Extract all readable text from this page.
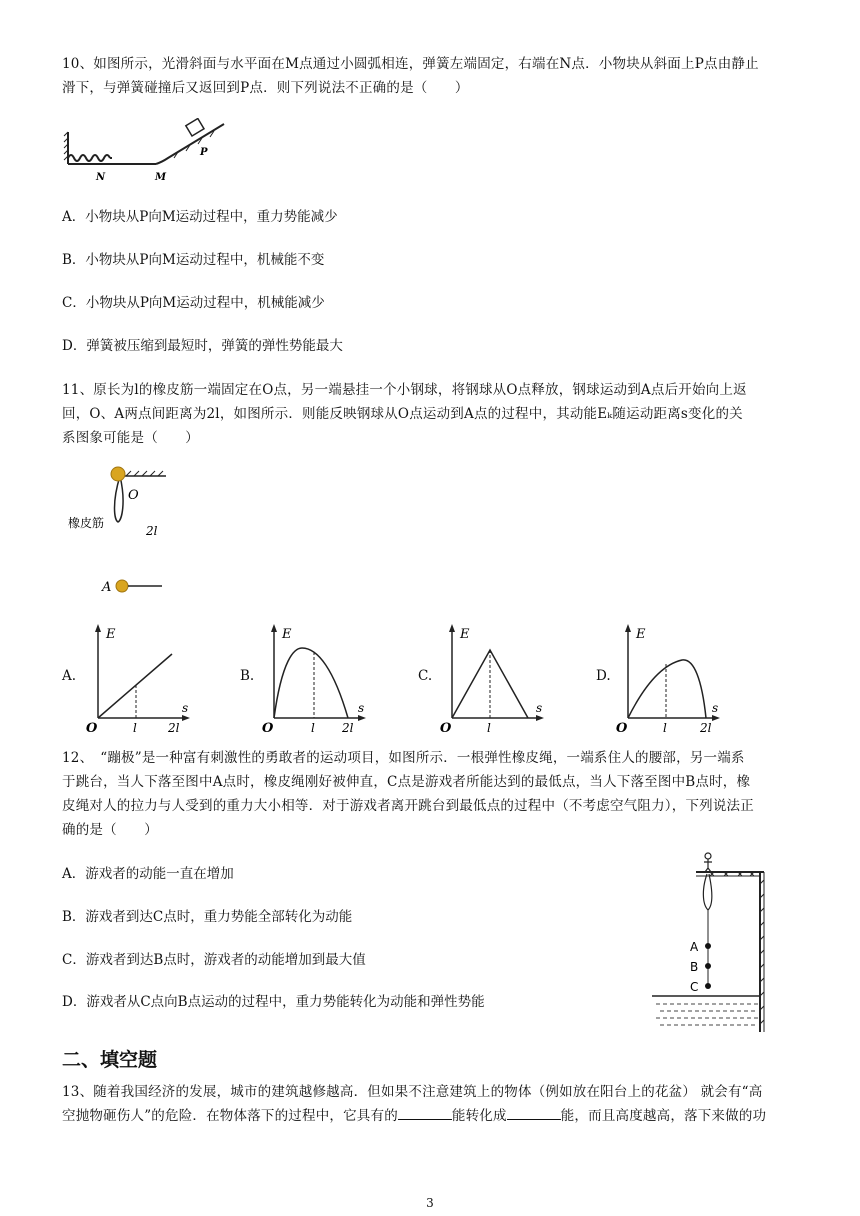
10、如图所示，光滑斜面与水平面在M点通过小圆弧相连，弹簧左端固定，右端在N点．小物块从斜面上P点由静止
滑下，与弹簧碰撞后又返回到P点．则下列说法不正确的是（　　）
N	M
P
A．小物块从P向M运动过程中，重力势能减少
B．小物块从P向M运动过程中，机械能不变
C．小物块从P向M运动过程中，机械能减少
D．弹簧被压缩到最短时，弹簧的弹性势能最大
11、原长为l的橡皮筋一端固定在O点，另一端悬挂一个小钢球，将钢球从O点释放，钢球运动到A点后开始向上返
回，O、A两点间距离为2l，如图所示．则能反映钢球从O点运动到A点的过程中，其动能Eₖ随运动距离s变化的关
系图象可能是（　　）
O
橡皮筋
2l
A
A.	B.	C.	D.
E
s
O	l	2l
E
s
O	l 2l
E
s
O	l
E
s
O	l	2l
12、　“蹦极”是一种富有刺激性的勇敢者的运动项目，如图所示．一根弹性橡皮绳，一端系住人的腰部，另一端系
于跳台，当人下落至图中A点时，橡皮绳刚好被伸直，C点是游戏者所能达到的最低点，当人下落至图中B点时，橡
皮绳对人的拉力与人受到的重力大小相等．对于游戏者离开跳台到最低点的过程中（不考虑空气阻力），下列说法正
确的是（　　）
A．游戏者的动能一直在增加
B．游戏者到达C点时，重力势能全部转化为动能
C．游戏者到达B点时，游戏者的动能增加到最大值
D．游戏者从C点向B点运动的过程中，重力势能转化为动能和弹性势能
A
B
C
二、填空题
13、随着我国经济的发展，城市的建筑越修越高．但如果不注意建筑上的物体（例如放在阳台上的花盆） 就会有“高
空抛物砸伤人”的危险．在物体落下的过程中，它具有的	能转化成	能，而且高度越高，落下来做的功
3
